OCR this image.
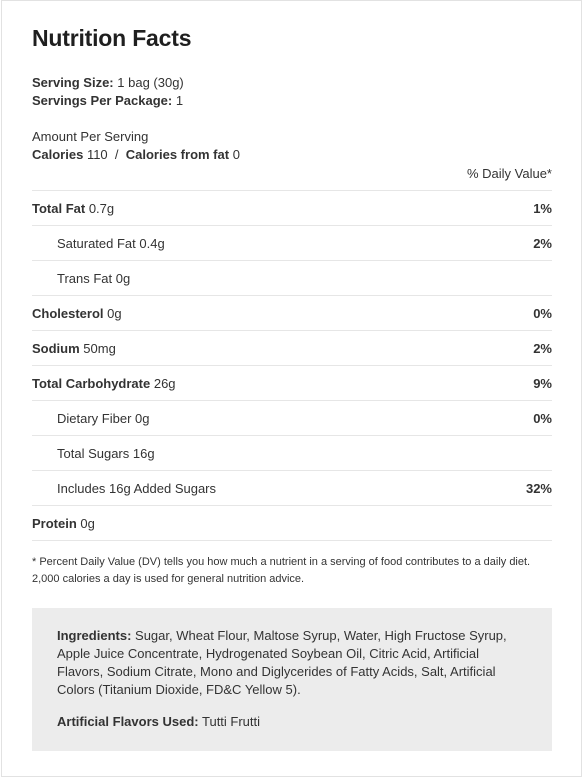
Nutrition Facts
Serving Size: 1 bag (30g)
Servings Per Package: 1
Amount Per Serving
Calories 110 / Calories from fat 0
% Daily Value*
Total Fat 0.7g	1%
Saturated Fat 0.4g	2%
Trans Fat 0g
Cholesterol 0g	0%
Sodium 50mg	2%
Total Carbohydrate 26g	9%
Dietary Fiber 0g	0%
Total Sugars 16g
Includes 16g Added Sugars	32%
Protein 0g
* Percent Daily Value (DV) tells you how much a nutrient in a serving of food contributes to a daily diet. 2,000 calories a day is used for general nutrition advice.
Ingredients: Sugar, Wheat Flour, Maltose Syrup, Water, High Fructose Syrup, Apple Juice Concentrate, Hydrogenated Soybean Oil, Citric Acid, Artificial Flavors, Sodium Citrate, Mono and Diglycerides of Fatty Acids, Salt, Artificial Colors (Titanium Dioxide, FD&C Yellow 5).
Artificial Flavors Used: Tutti Frutti
